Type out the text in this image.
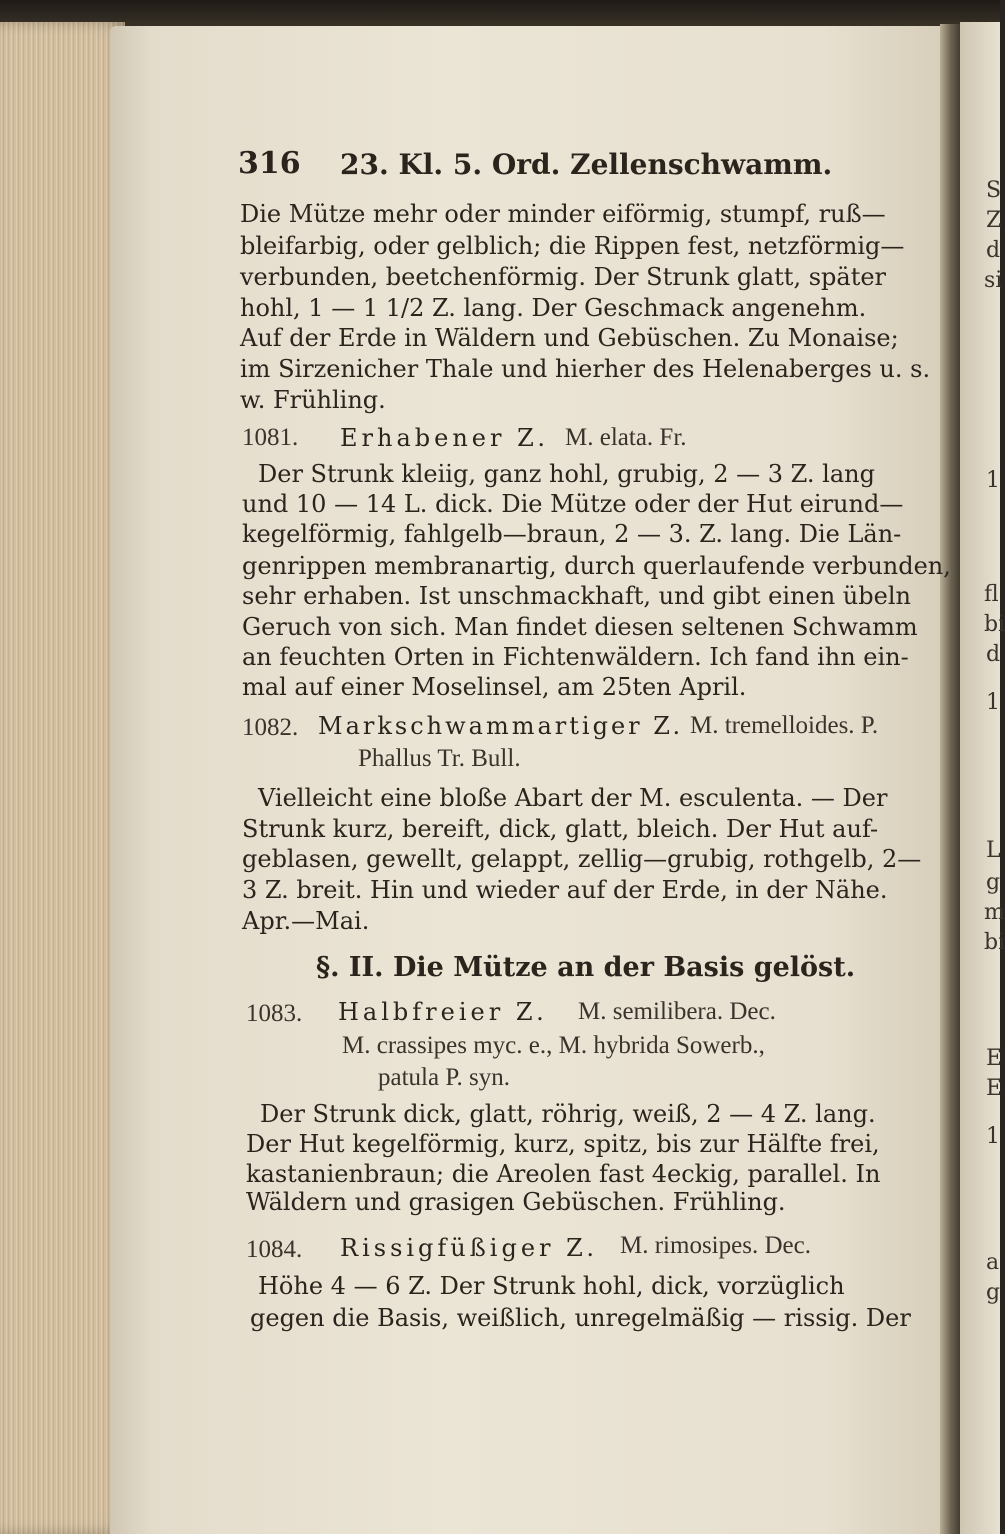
316 23. Kl. 5. Ord. Zellenschwamm.
Die Mütze mehr oder minder eiförmig, stumpf, ruß—
bleifarbig, oder gelblich; die Rippen fest, netzförmig—
verbunden, beetchenförmig. Der Strunk glatt, später
hohl, 1 — 1 1/2 Z. lang. Der Geschmack angenehm.
Auf der Erde in Wäldern und Gebüschen. Zu Monaise;
im Sirzenicher Thale und hierher des Helenaberges u. s.
w. Frühling.
1081. Erhabener Z. M. elata. Fr.
Der Strunk kleiig, ganz hohl, grubig, 2 — 3 Z. lang
und 10 — 14 L. dick. Die Mütze oder der Hut eirund—
kegelförmig, fahlgelb—braun, 2 — 3. Z. lang. Die Län-
genrippen membranartig, durch querlaufende verbunden,
sehr erhaben. Ist unschmackhaft, und gibt einen übeln
Geruch von sich. Man findet diesen seltenen Schwamm
an feuchten Orten in Fichtenwäldern. Ich fand ihn ein-
mal auf einer Moselinsel, am 25ten April.
1082. Markschwammartiger Z. M. tremelloides. P.
Phallus Tr. Bull.
Vielleicht eine bloße Abart der M. esculenta. — Der
Strunk kurz, bereift, dick, glatt, bleich. Der Hut auf-
geblasen, gewellt, gelappt, zellig—grubig, rothgelb, 2—
3 Z. breit. Hin und wieder auf der Erde, in der Nähe.
Apr.—Mai.
§. II. Die Mütze an der Basis gelöst.
1083. Halbfreier Z. M. semilibera. Dec.
M. crassipes myc. e., M. hybrida Sowerb.,
patula P. syn.
Der Strunk dick, glatt, röhrig, weiß, 2 — 4 Z. lang.
Der Hut kegelförmig, kurz, spitz, bis zur Hälfte frei,
kastanienbraun; die Areolen fast 4eckig, parallel. In
Wäldern und grasigen Gebüschen. Frühling.
1084. Rissigfüßiger Z. M. rimosipes. Dec.
Höhe 4 — 6 Z. Der Strunk hohl, dick, vorzüglich
gegen die Basis, weißlich, unregelmäßig — rissig. Der
S
Z
d
si
1
fl
bi
d
1
L
g
m
bi
E
E
1
a
g
